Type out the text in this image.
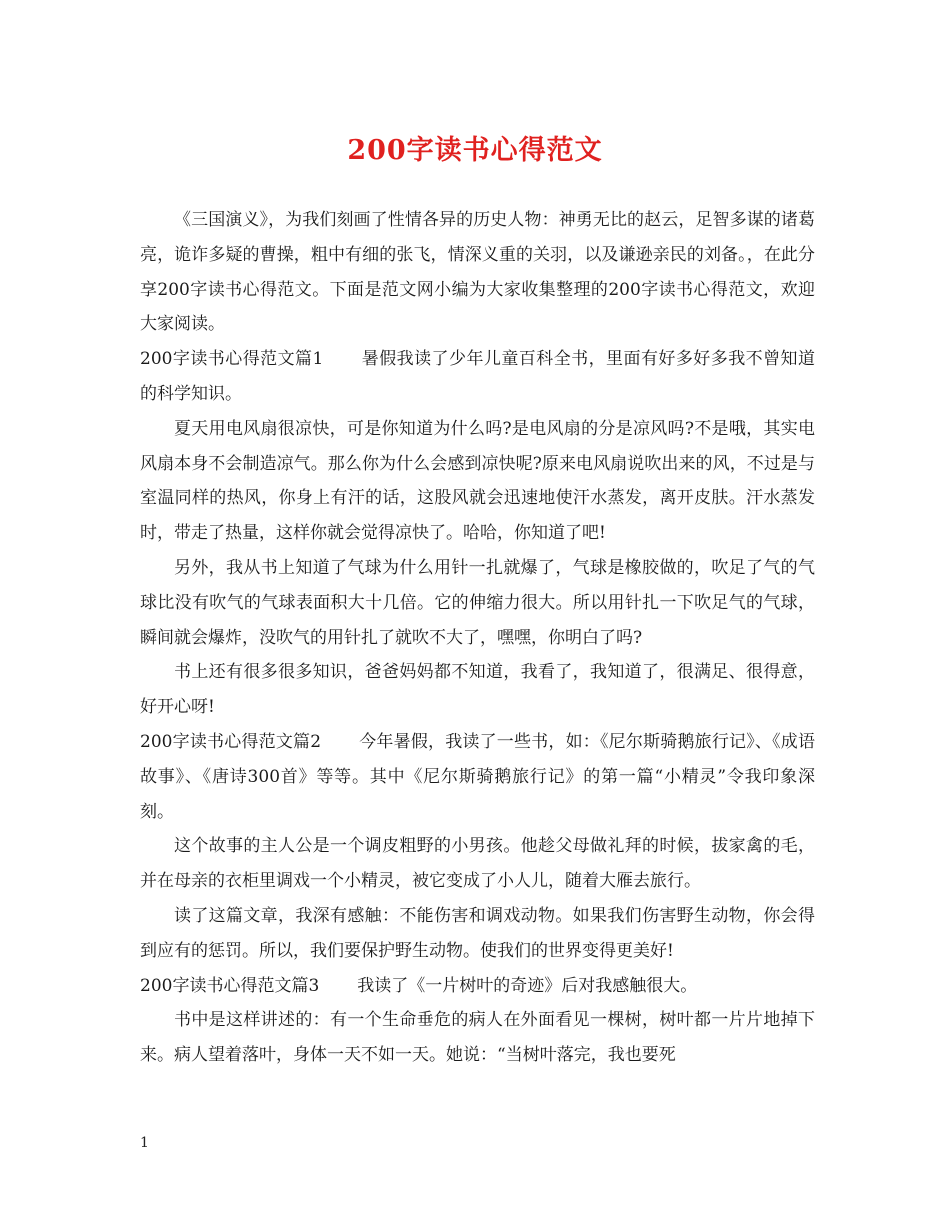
200字读书心得范文

《三国演义》，为我们刻画了性情各异的历史人物：神勇无比的赵云，足智多谋的诸葛亮，诡诈多疑的曹操，粗中有细的张飞，情深义重的关羽，以及谦逊亲民的刘备。，在此分享200字读书心得范文。下面是范文网小编为大家收集整理的200字读书心得范文，欢迎大家阅读。

200字读书心得范文篇1 暑假我读了少年儿童百科全书，里面有好多好多我不曾知道的科学知识。

夏天用电风扇很凉快，可是你知道为什么吗?是电风扇的分是凉风吗?不是哦，其实电风扇本身不会制造凉气。那么你为什么会感到凉快呢?原来电风扇说吹出来的风，不过是与室温同样的热风，你身上有汗的话，这股风就会迅速地使汗水蒸发，离开皮肤。汗水蒸发时，带走了热量，这样你就会觉得凉快了。哈哈，你知道了吧!

另外，我从书上知道了气球为什么用针一扎就爆了，气球是橡胶做的，吹足了气的气球比没有吹气的气球表面积大十几倍。它的伸缩力很大。所以用针扎一下吹足气的气球，瞬间就会爆炸，没吹气的用针扎了就吹不大了，嘿嘿，你明白了吗?

书上还有很多很多知识，爸爸妈妈都不知道，我看了，我知道了，很满足、很得意，好开心呀!

200字读书心得范文篇2 今年暑假，我读了一些书，如：《尼尔斯骑鹅旅行记》、《成语故事》、《唐诗300首》等等。其中《尼尔斯骑鹅旅行记》的第一篇“小精灵”令我印象深刻。

这个故事的主人公是一个调皮粗野的小男孩。他趁父母做礼拜的时候，拔家禽的毛，并在母亲的衣柜里调戏一个小精灵，被它变成了小人儿，随着大雁去旅行。

读了这篇文章，我深有感触：不能伤害和调戏动物。如果我们伤害野生动物，你会得到应有的惩罚。所以，我们要保护野生动物。使我们的世界变得更美好!

200字读书心得范文篇3 我读了《一片树叶的奇迹》后对我感触很大。

书中是这样讲述的：有一个生命垂危的病人在外面看见一棵树，树叶都一片片地掉下来。病人望着落叶，身体一天不如一天。她说：“当树叶落完，我也要死

1
